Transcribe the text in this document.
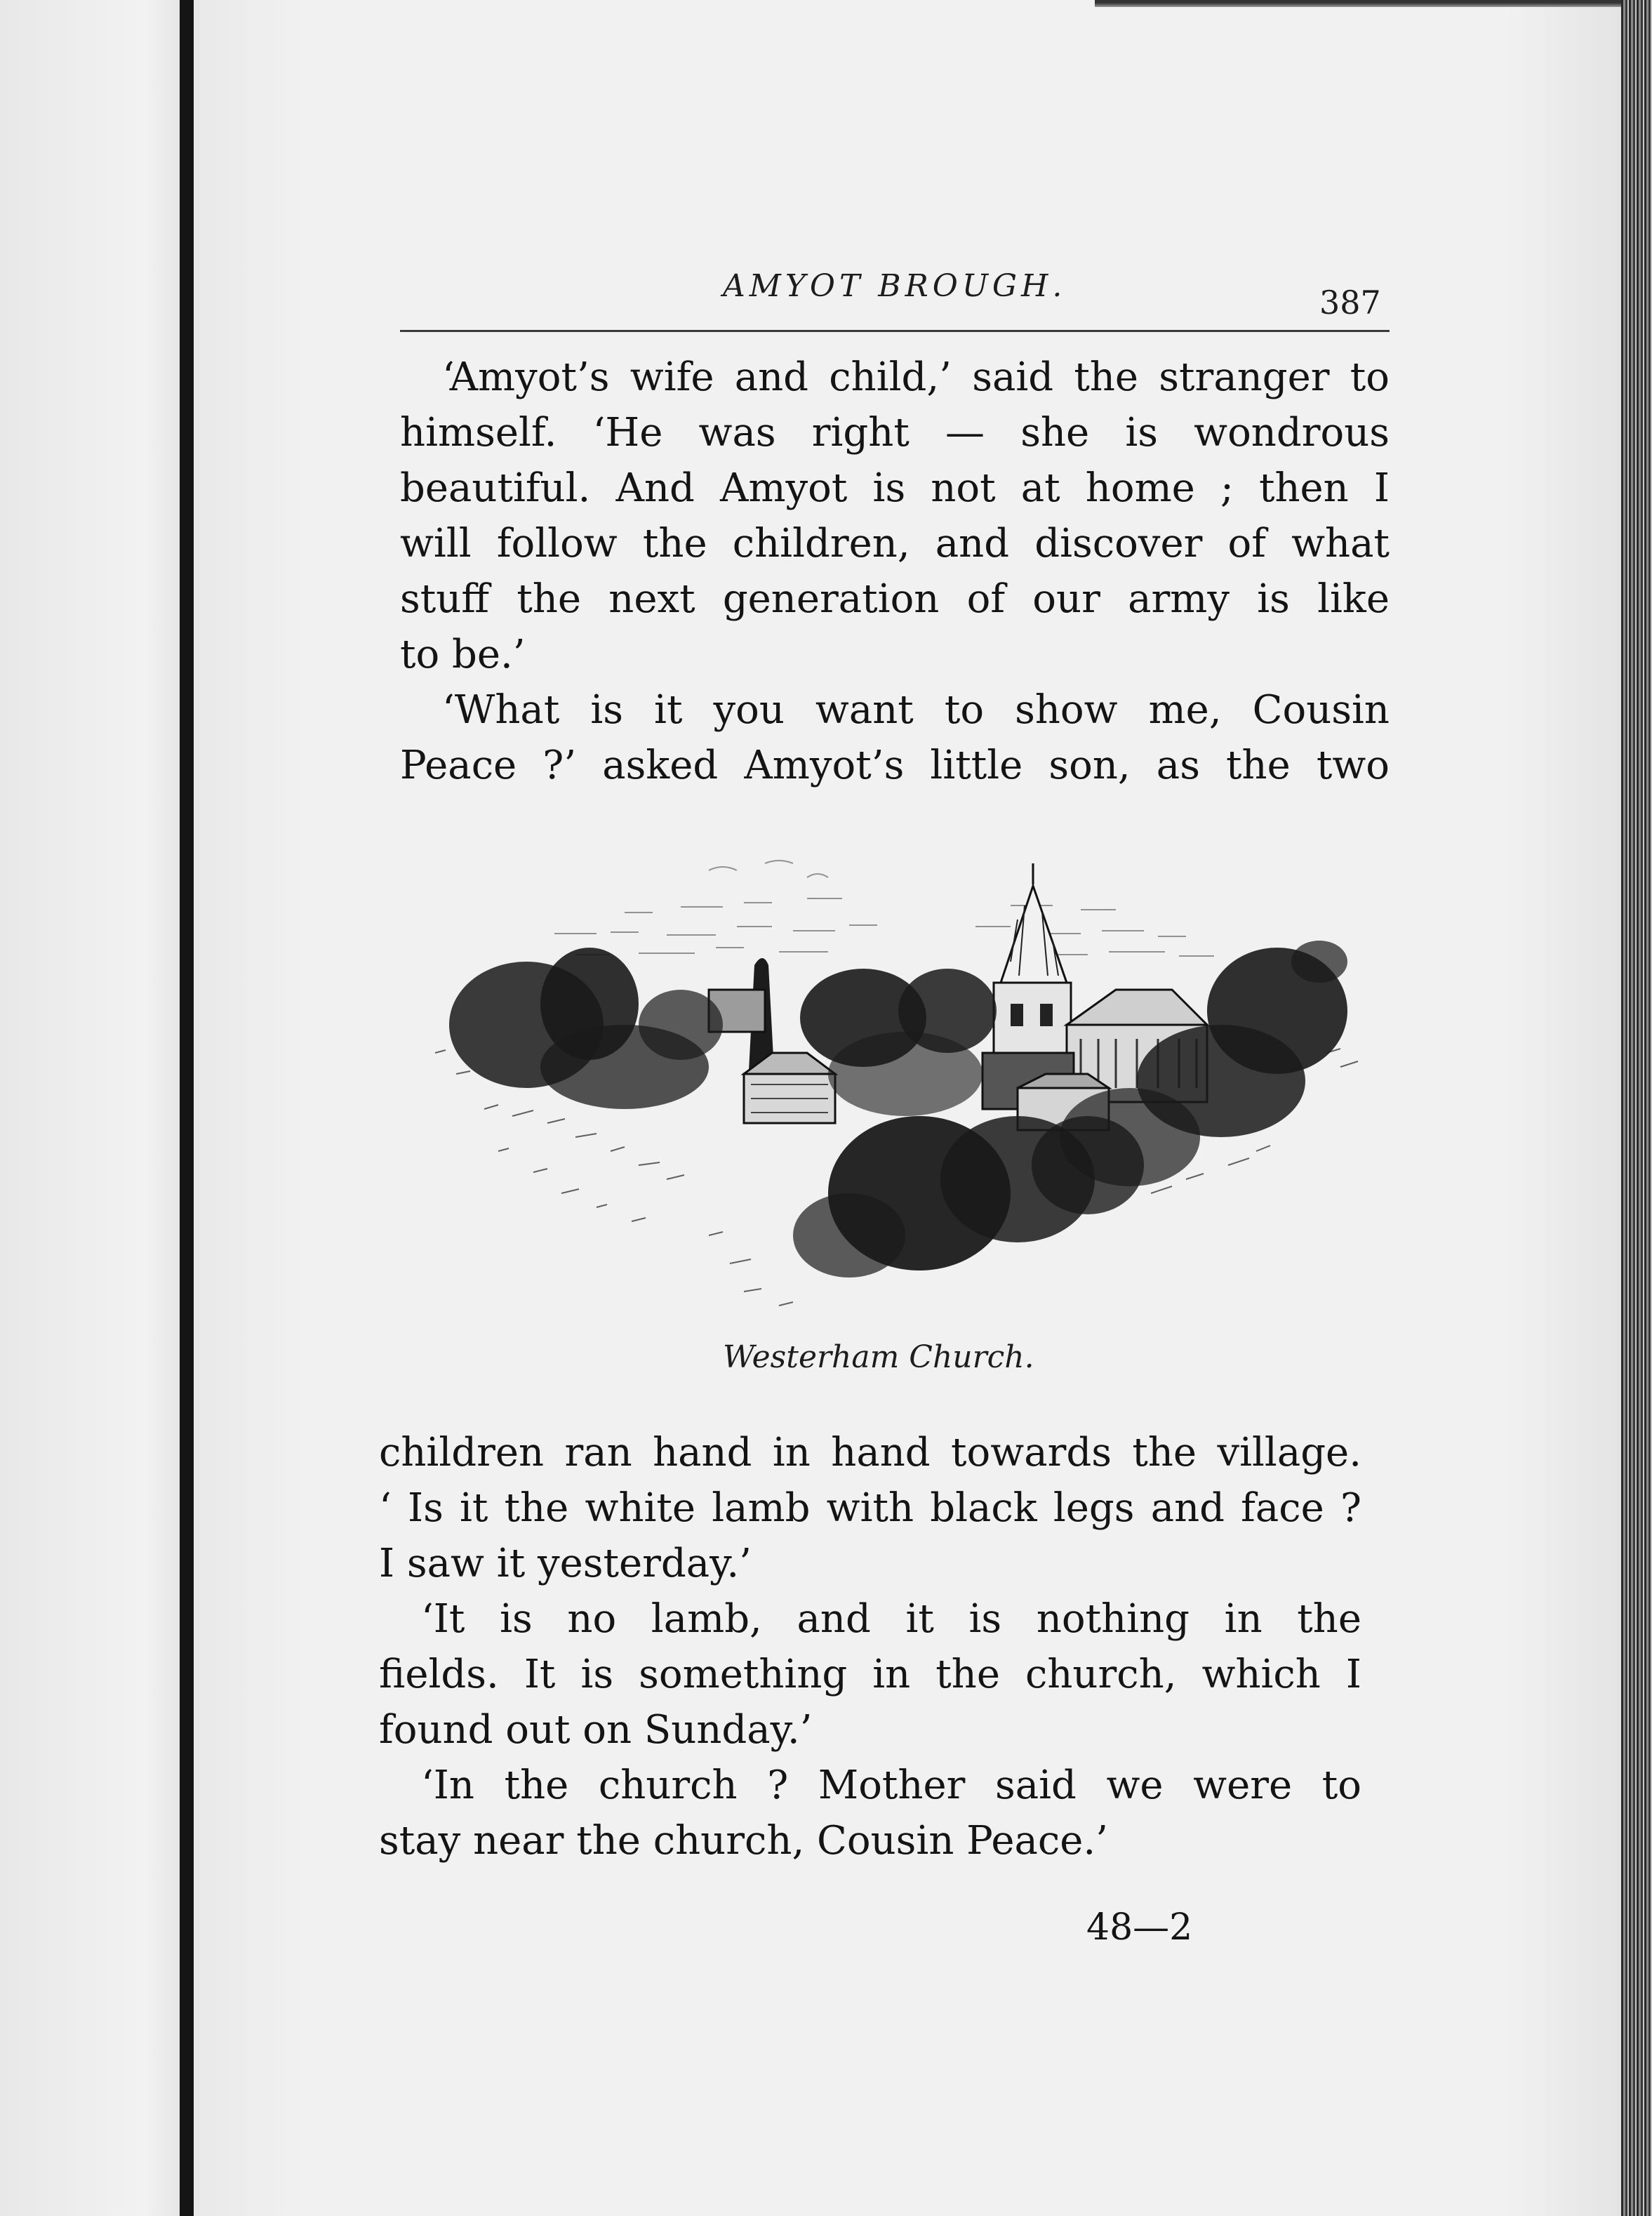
AMYOT BROUGH.	387
‘Amyot’s wife and child,’ said the stranger to
himself. ‘He was right — she is wondrous
beautiful. And Amyot is not at home ; then I
will follow the children, and discover of what
stuff the next generation of our army is like
to be.’
‘What is it you want to show me, Cousin
Peace ?’ asked Amyot’s little son, as the two
Westerham Church.
children ran hand in hand towards the village.
‘ Is it the white lamb with black legs and face ?
I saw it yesterday.’
‘It is no lamb, and it is nothing in the
fields. It is something in the church, which I
found out on Sunday.’
‘In the church ? Mother said we were to
stay near the church, Cousin Peace.’
48—2
